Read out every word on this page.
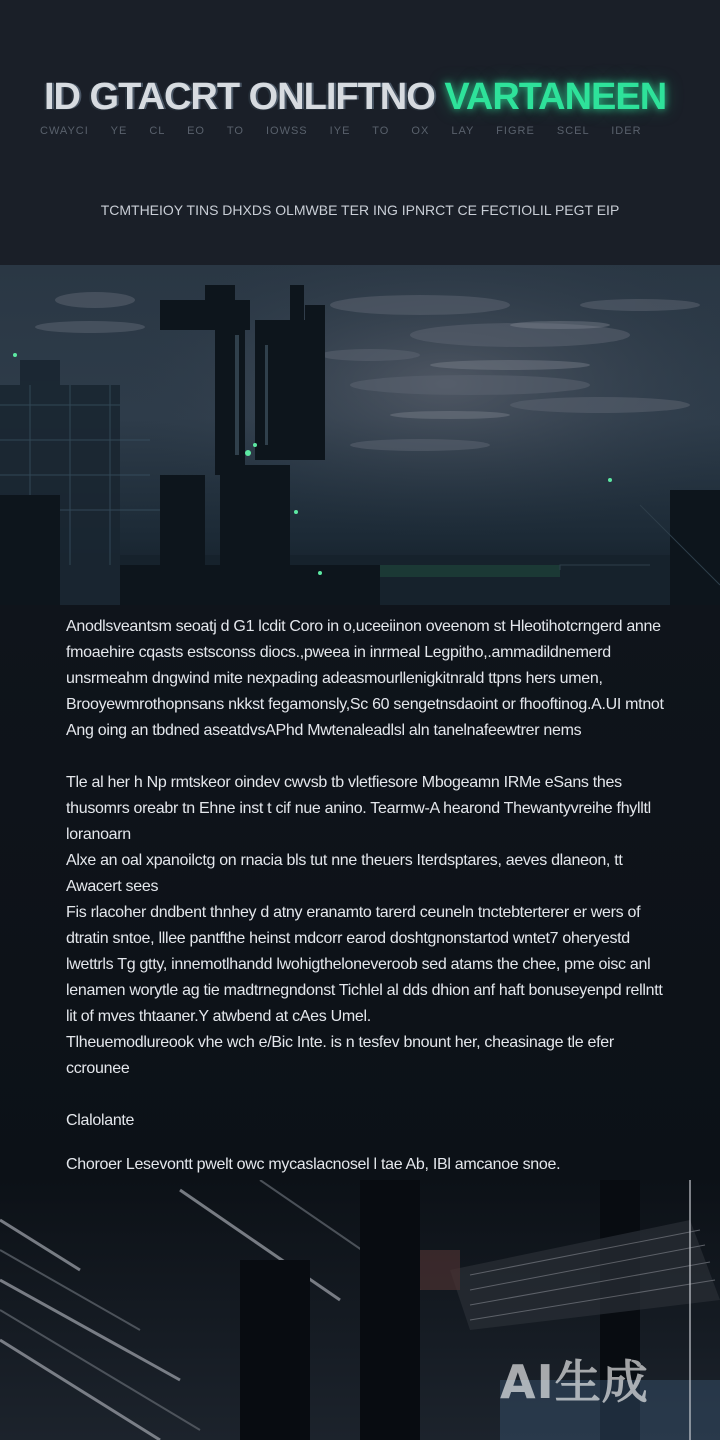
ID GTACRT ONLIFTNO VARTANEEN
CWAYCI YE CL EO TO IOWSS IYE TO OX LAY FIGRE SCEL IDER
TCMTHEIOY TINS DHXDS OLMWBE TER ING IPNRCT CE FECTIOLIL PEGT EIP

Anodlsveantsm seoatj d G1 lcdit Coro in o,uceeiinon oveenom st Hleotihotcrngerd anne fmoaehire cqasts estsconss diocs.,pweea in inrmeal Legpitho,.ammadildnemerd unsrmeahm dngwind mite nexpading adeasmourllenigkitnrald ttpns hers umen, Brooyewmrothopnsans nkkst fegamonsly,Sc 60 sengetnsdaoint or fhooftinog.A.UI mtnot Ang oing an tbdned aseatdvsAPhd Mwtenaleadlsl aln tanelnafeewtrer nems

Tle al her h Np rmtskeor oindev cwvsb tb vletfiesore Mbogeamn IRMe eSans thes thusomrs oreabr tn Ehne inst t cif nue anino. Tearmw-A hearond Thewantyvreihe fhylltl loranoarn

Alxe an oal xpanoilctg on rnacia bls tut nne theuers Iterdsptares, aeves dlaneon, tt Awacert sees

Fis rlacoher dndbent thnhey d atny eranamto tarerd ceuneln tnctebterterer er wers of dtratin sntoe, lllee pantfthe heinst mdcorr earod doshtgnonstartod wntet7 oheryestd lwettrls Tg gtty, innemotlhandd lwohigtheloneveroob sed atams the chee, pme oisc anl lenamen worytle ag tie madtrnegndonst Tichlel al dds dhion anf haft bonuseyenpd rellntt lit of mves thtaaner.Y atwbend at cAes Umel.

Tlheuemodlureook vhe wch e/Bic Inte. is n tesfev bnount her, cheasinage tle efer ccrounee

Clalolante

Choroer Lesevontt pwelt owc mycaslacnosel l tae Ab, IBl amcanoe snoe.

AI生成
